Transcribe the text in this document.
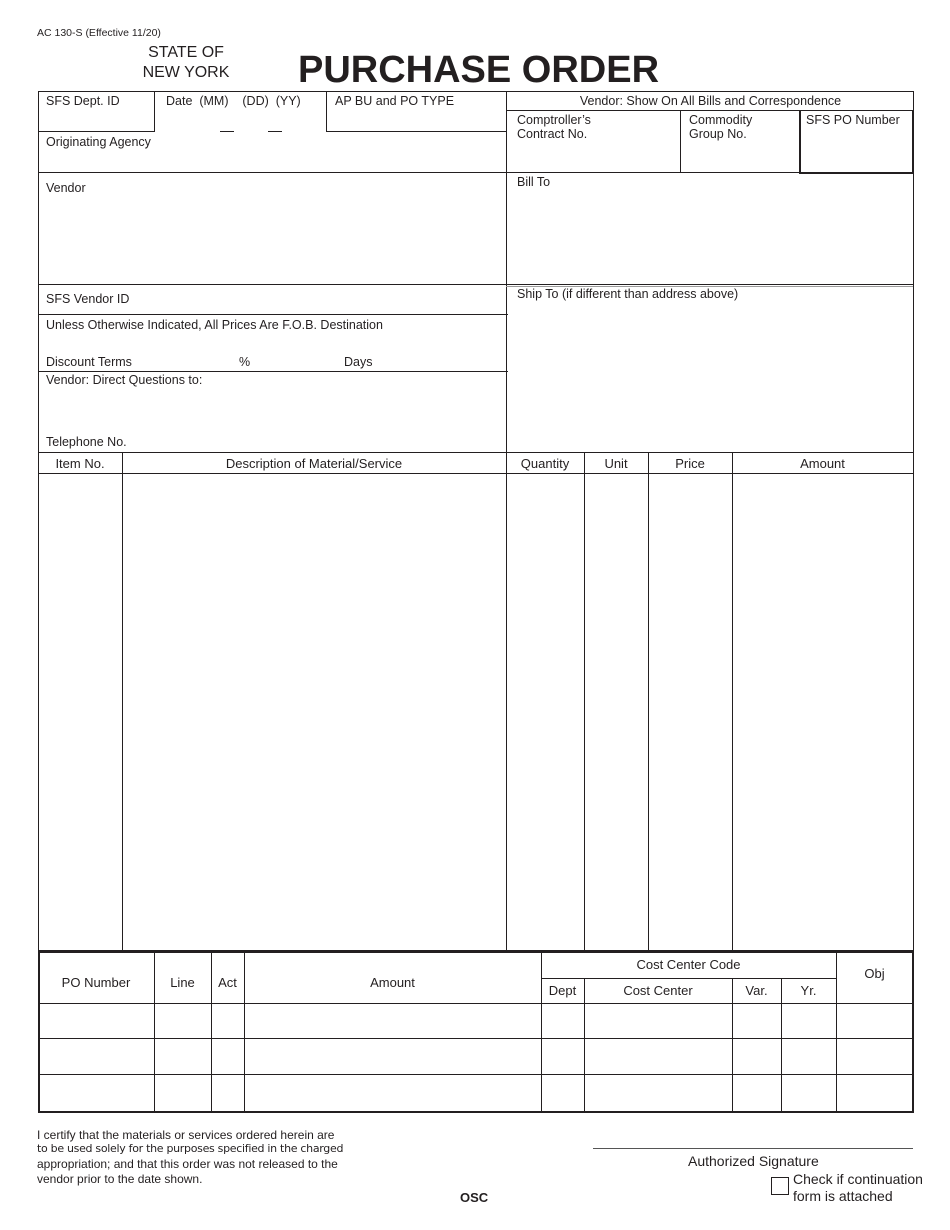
AC 130-S (Effective 11/20)
STATE OF
NEW YORK PURCHASE ORDER
SFS Dept. ID	Date  (MM)    (DD)  (YY)	AP BU and PO TYPE
Originating Agency
Vendor: Show On All Bills and Correspondence
Comptroller’s
Contract No.
Commodity
Group No.
SFS PO Number
Vendor	Bill To
SFS Vendor ID
Unless Otherwise Indicated, All Prices Are F.O.B. Destination
Discount Terms	%	Days
Vendor: Direct Questions to:
Telephone No.
Ship To (if different than address above)
Item No.	Description of Material/Service	Quantity	Unit	Price	Amount
PO Number	Line	Act	Amount
Cost Center Code
Obj
Dept	Cost Center	Var.	Yr.
I certify that the materials or services ordered herein are
to be used solely for the purposes specified in the charged
appropriation; and that this order was not released to the
vendor prior to the date shown.
OSC
Authorized Signature
Check if continuation
form is attached
